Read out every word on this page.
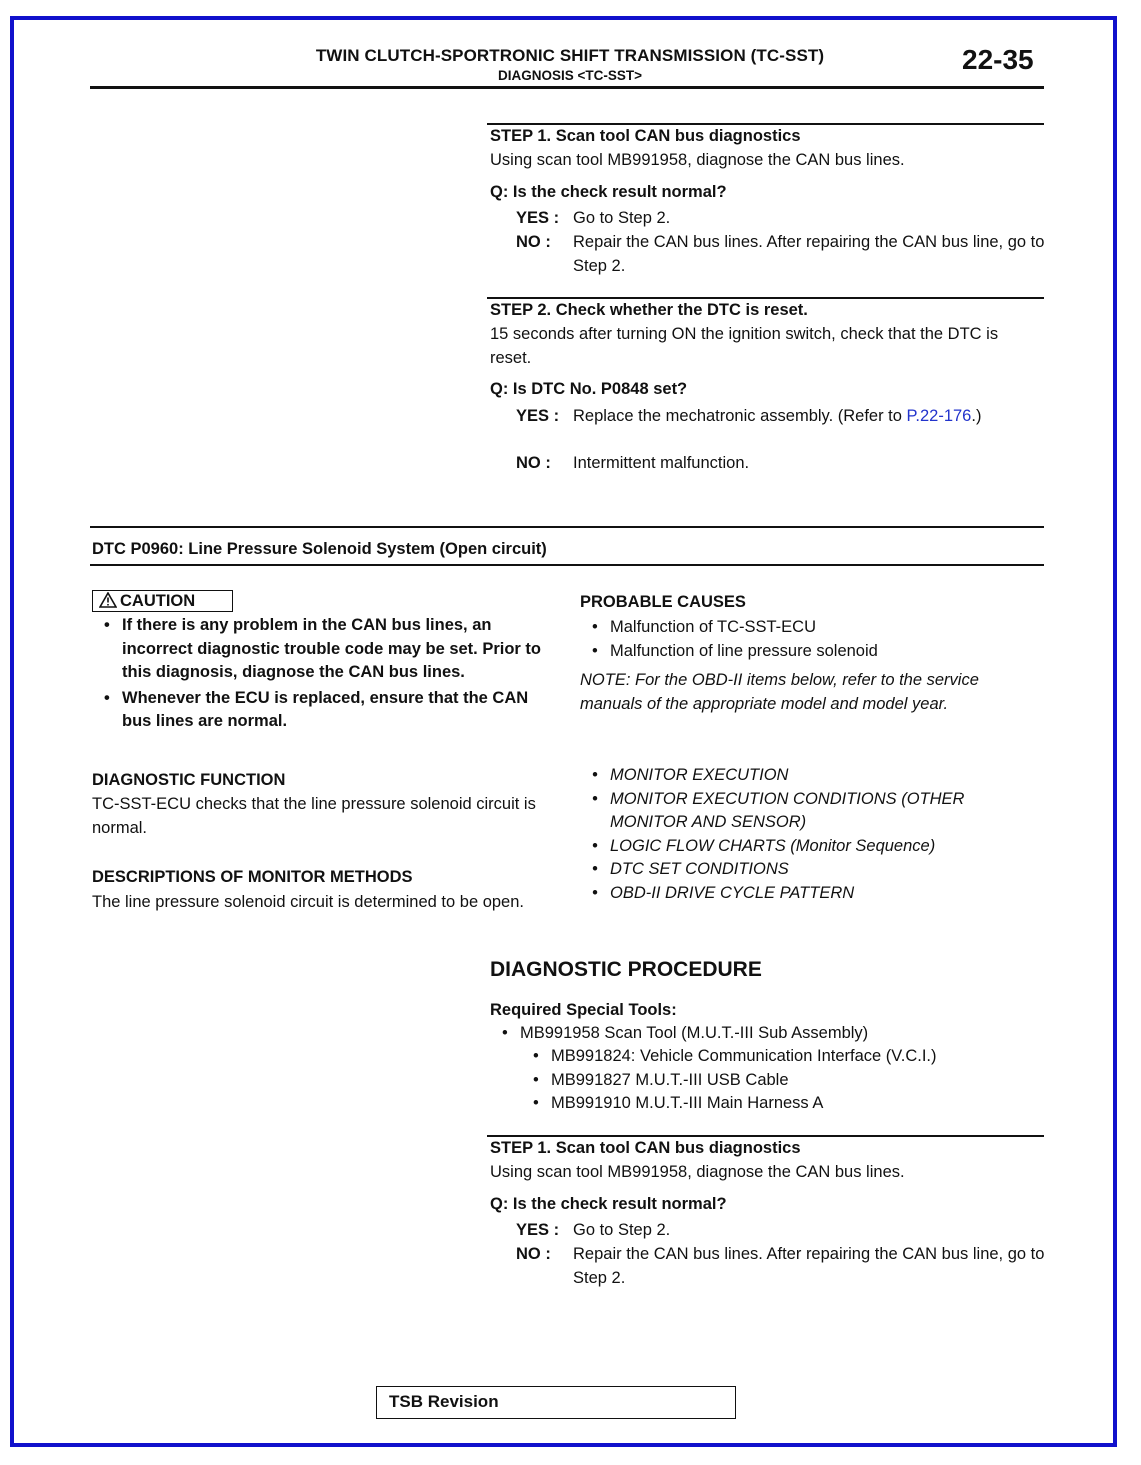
TWIN CLUTCH-SPORTRONIC SHIFT TRANSMISSION (TC-SST)
DIAGNOSIS <TC-SST>
22-35
STEP 1. Scan tool CAN bus diagnostics
Using scan tool MB991958, diagnose the CAN bus lines.
Q: Is the check result normal?
YES : Go to Step 2.
NO : Repair the CAN bus lines. After repairing the CAN bus line, go to Step 2.
STEP 2. Check whether the DTC is reset.
15 seconds after turning ON the ignition switch, check that the DTC is reset.
Q: Is DTC No. P0848 set?
YES : Replace the mechatronic assembly. (Refer to P.22-176.)
NO : Intermittent malfunction.
DTC P0960: Line Pressure Solenoid System (Open circuit)
CAUTION
• If there is any problem in the CAN bus lines, an incorrect diagnostic trouble code may be set. Prior to this diagnosis, diagnose the CAN bus lines.
• Whenever the ECU is replaced, ensure that the CAN bus lines are normal.
DIAGNOSTIC FUNCTION
TC-SST-ECU checks that the line pressure solenoid circuit is normal.
DESCRIPTIONS OF MONITOR METHODS
The line pressure solenoid circuit is determined to be open.
PROBABLE CAUSES
• Malfunction of TC-SST-ECU
• Malfunction of line pressure solenoid
NOTE: For the OBD-II items below, refer to the service manuals of the appropriate model and model year.
• MONITOR EXECUTION
• MONITOR EXECUTION CONDITIONS (OTHER MONITOR AND SENSOR)
• LOGIC FLOW CHARTS (Monitor Sequence)
• DTC SET CONDITIONS
• OBD-II DRIVE CYCLE PATTERN
DIAGNOSTIC PROCEDURE
Required Special Tools:
• MB991958 Scan Tool (M.U.T.-III Sub Assembly)
• MB991824: Vehicle Communication Interface (V.C.I.)
• MB991827 M.U.T.-III USB Cable
• MB991910 M.U.T.-III Main Harness A
STEP 1. Scan tool CAN bus diagnostics
Using scan tool MB991958, diagnose the CAN bus lines.
Q: Is the check result normal?
YES : Go to Step 2.
NO : Repair the CAN bus lines. After repairing the CAN bus line, go to Step 2.
TSB Revision
